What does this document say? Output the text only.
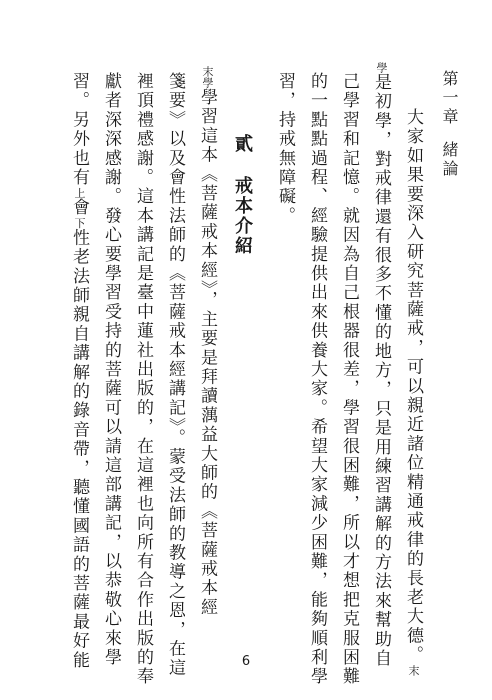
第一章緒論
大家如果要深入研究菩薩戒，可以親近諸位精通戒律的長老大德。末
學是初學，對戒律還有很多不懂的地方，只是用練習講解的方法來幫助自
己學習和記憶。就因為自己根器很差，學習很困難，所以才想把克服困難
的一點點過程、經驗提供出來供養大家。希望大家減少困難，能夠順利學
習，持戒無障礙。
貳戒本介紹
末學學習這本《菩薩戒本經》，主要是拜讀蕅益大師的《菩薩戒本經
箋要》以及會性法師的《菩薩戒本經講記》。蒙受法師的教導之恩，在這
裡頂禮感謝。這本講記是臺中蓮社出版的，在這裡也向所有合作出版的奉
獻者深深感謝。發心要學習受持的菩薩可以請這部講記，以恭敬心來學
習。另外也有上會下性老法師親自講解的錄音帶，聽懂國語的菩薩最好能	6
